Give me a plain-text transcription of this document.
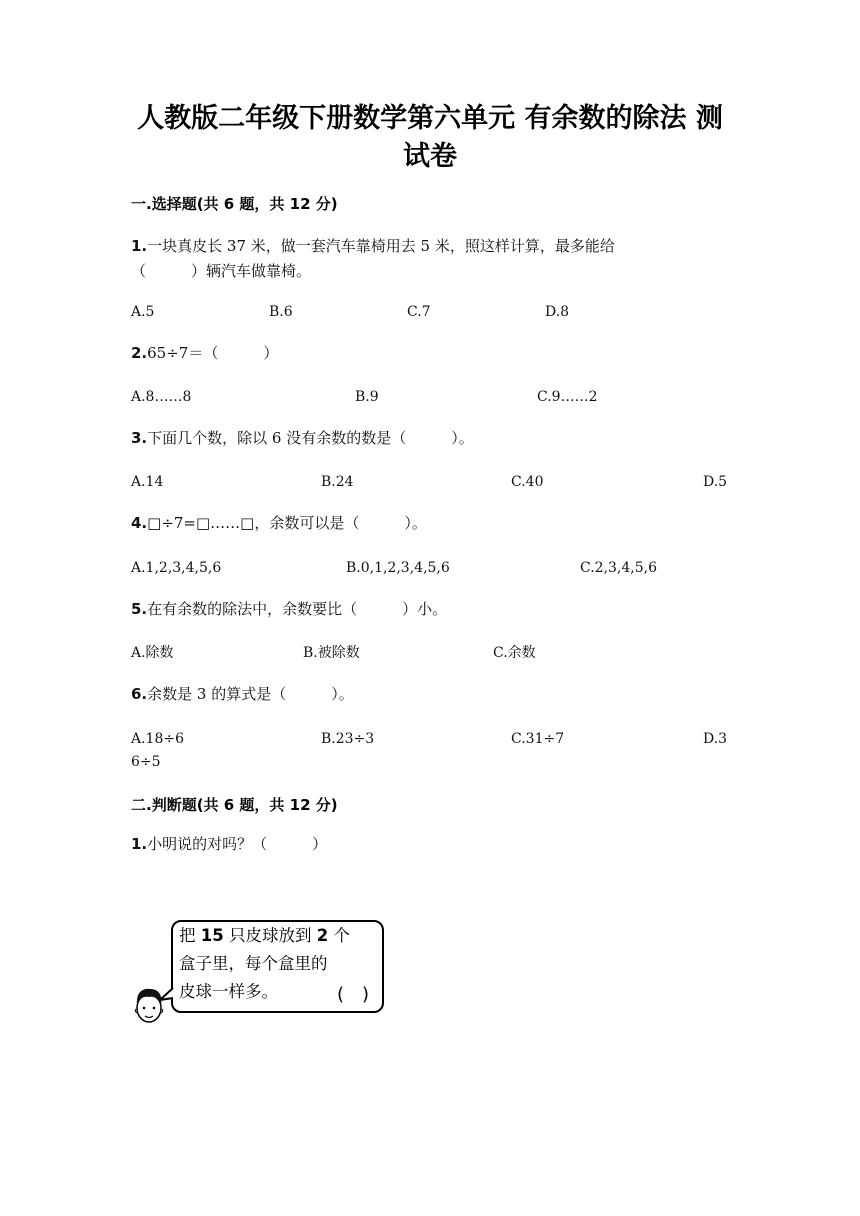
人教版二年级下册数学第六单元 有余数的除法 测
试卷
一.选择题(共 6 题，共 12 分)
1.一块真皮长 37 米，做一套汽车靠椅用去 5 米，照这样计算，最多能给
（　　　）辆汽车做靠椅。
A.5	B.6	C.7	D.8
2.65÷7＝（　　　）
A.8……8	B.9	C.9……2
3.下面几个数，除以 6 没有余数的数是（　　　）。
A.14	B.24	C.40	D.5
4.□÷7=□……□，余数可以是（　　　）。
A.1,2,3,4,5,6	B.0,1,2,3,4,5,6	C.2,3,4,5,6
5.在有余数的除法中，余数要比（　　　）小。
A.除数	B.被除数	C.余数
6.余数是 3 的算式是（　　　）。
A.18÷6	B.23÷3	C.31÷7	D.3
6÷5
二.判断题(共 6 题，共 12 分)
1.小明说的对吗？（　　　）
把 15 只皮球放到 2 个
盒子里，每个盒里的
皮球一样多。	(　)
